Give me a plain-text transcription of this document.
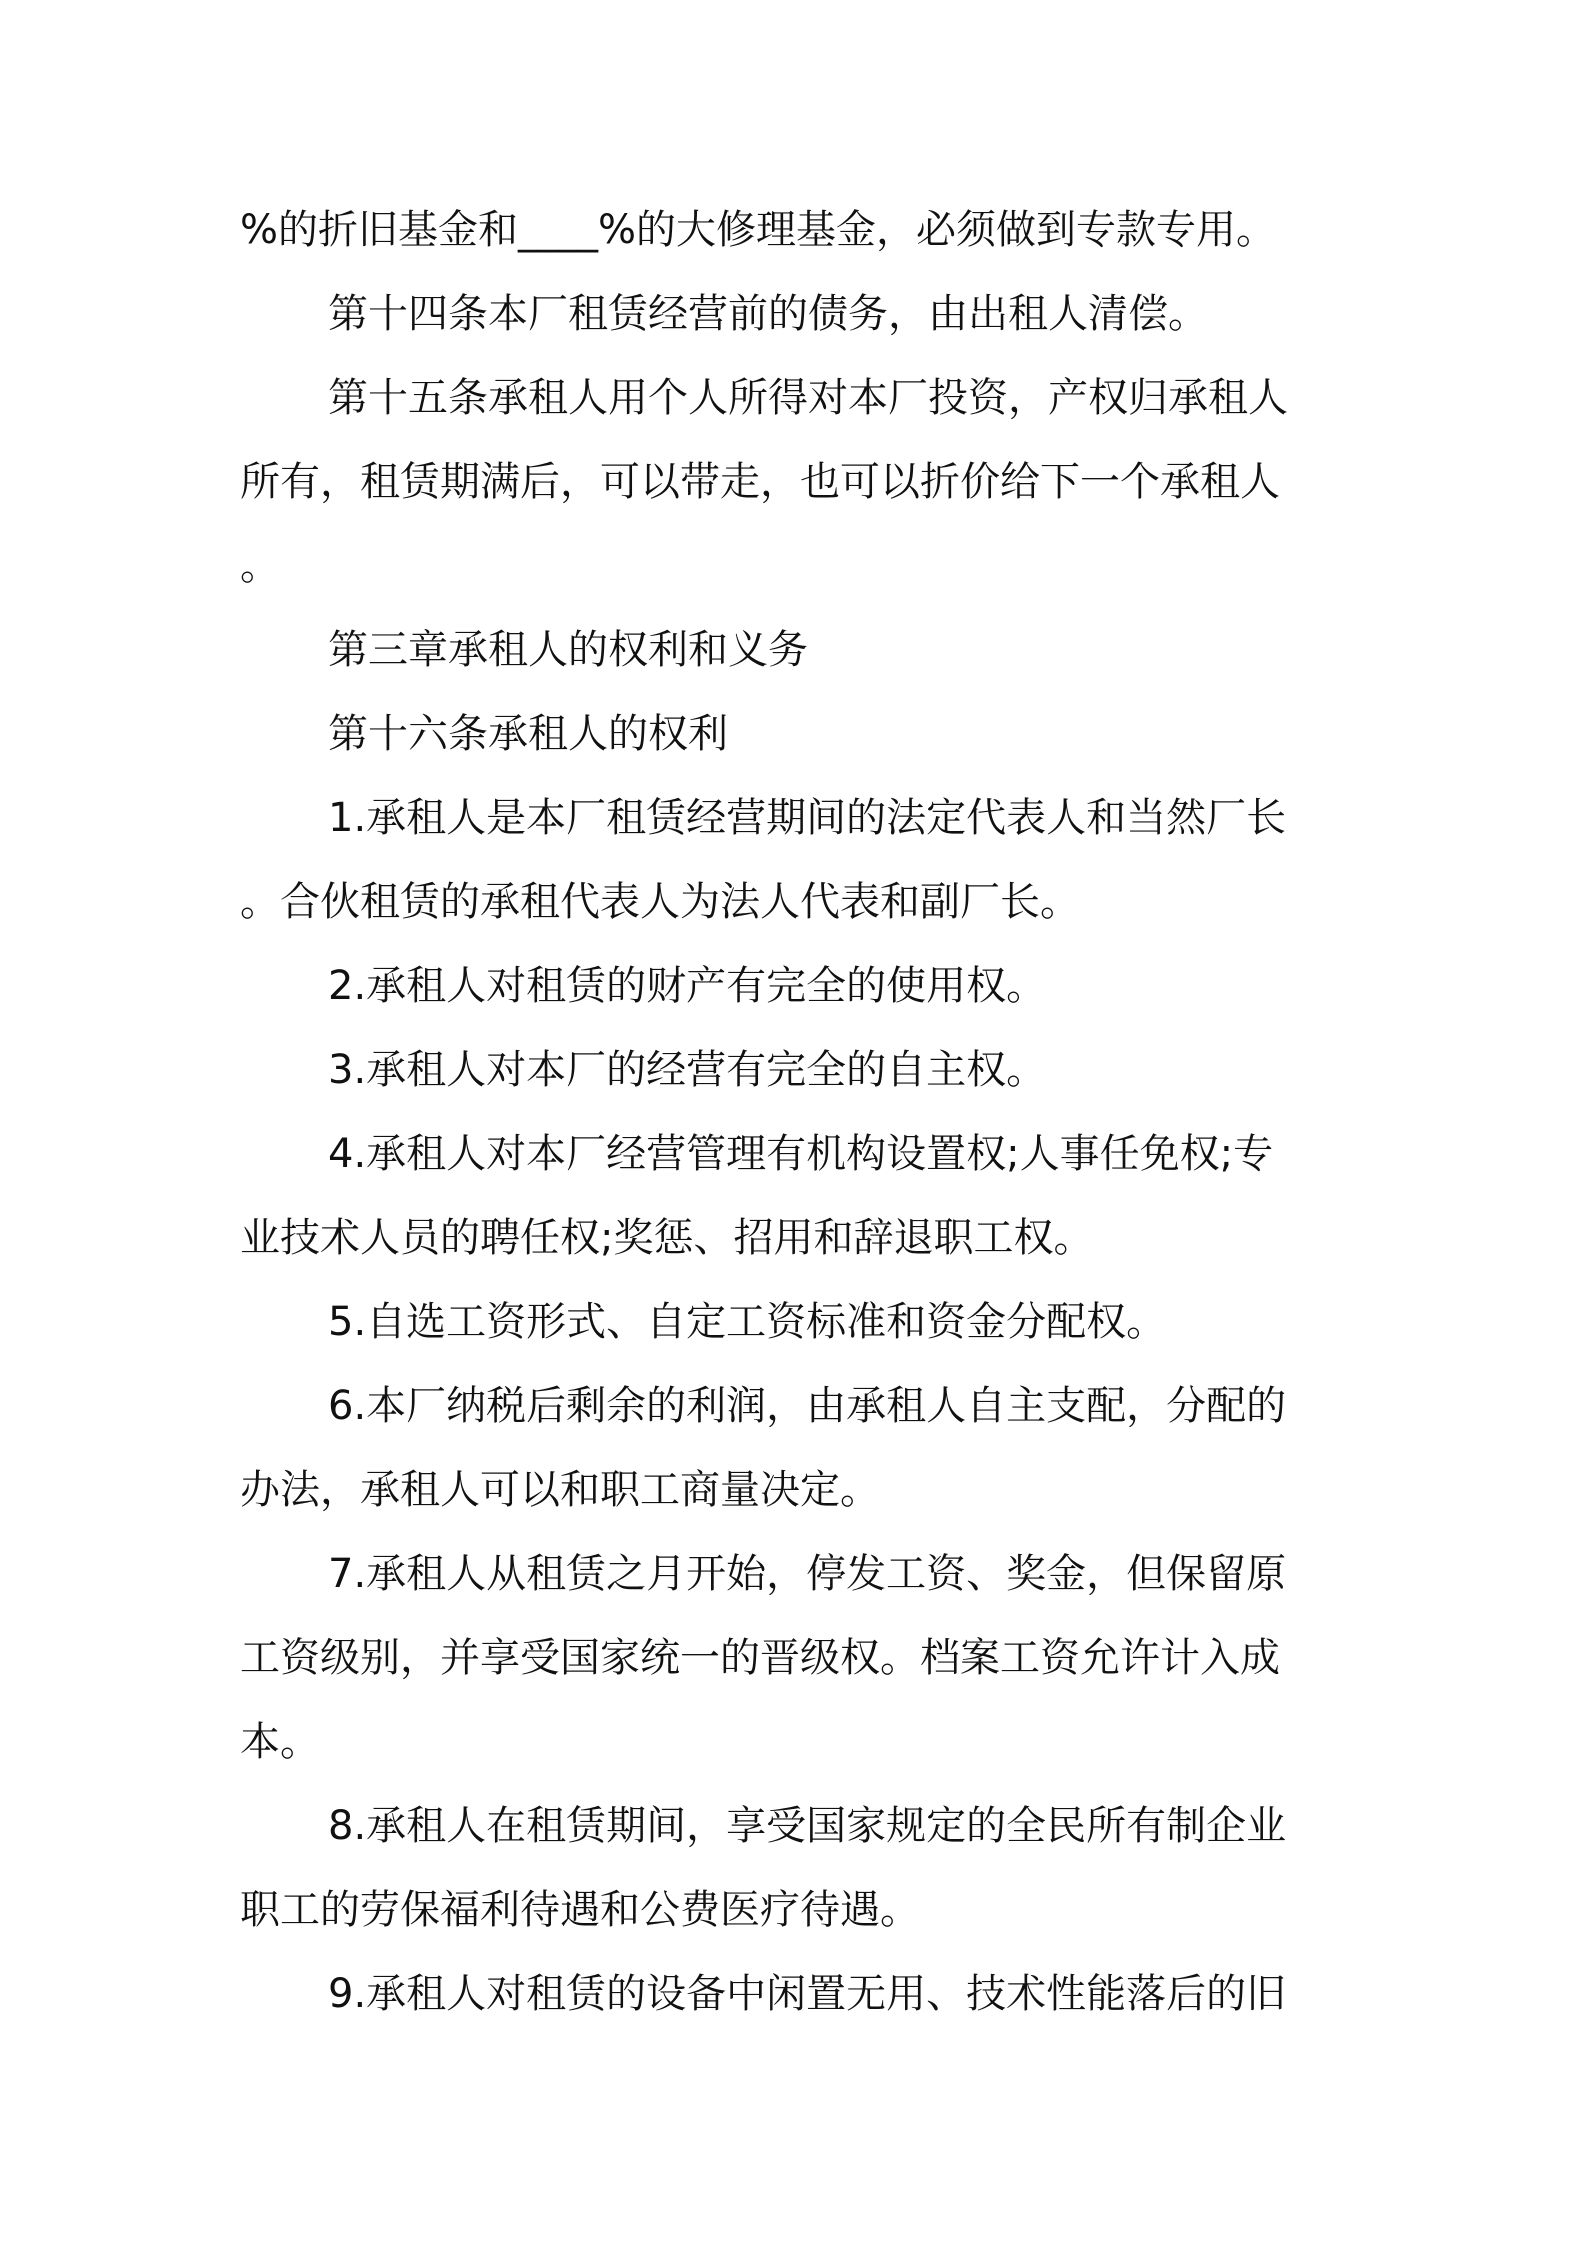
%的折旧基金和____%的大修理基金，必须做到专款专用。
第十四条本厂租赁经营前的债务，由出租人清偿。
第十五条承租人用个人所得对本厂投资，产权归承租人
所有，租赁期满后，可以带走，也可以折价给下一个承租人
。
第三章承租人的权利和义务
第十六条承租人的权利
1.承租人是本厂租赁经营期间的法定代表人和当然厂长
。合伙租赁的承租代表人为法人代表和副厂长。
2.承租人对租赁的财产有完全的使用权。
3.承租人对本厂的经营有完全的自主权。
4.承租人对本厂经营管理有机构设置权;人事任免权;专
业技术人员的聘任权;奖惩、招用和辞退职工权。
5.自选工资形式、自定工资标准和资金分配权。
6.本厂纳税后剩余的利润，由承租人自主支配，分配的
办法，承租人可以和职工商量决定。
7.承租人从租赁之月开始，停发工资、奖金，但保留原
工资级别，并享受国家统一的晋级权。档案工资允许计入成
本。
8.承租人在租赁期间，享受国家规定的全民所有制企业
职工的劳保福利待遇和公费医疗待遇。
9.承租人对租赁的设备中闲置无用、技术性能落后的旧
